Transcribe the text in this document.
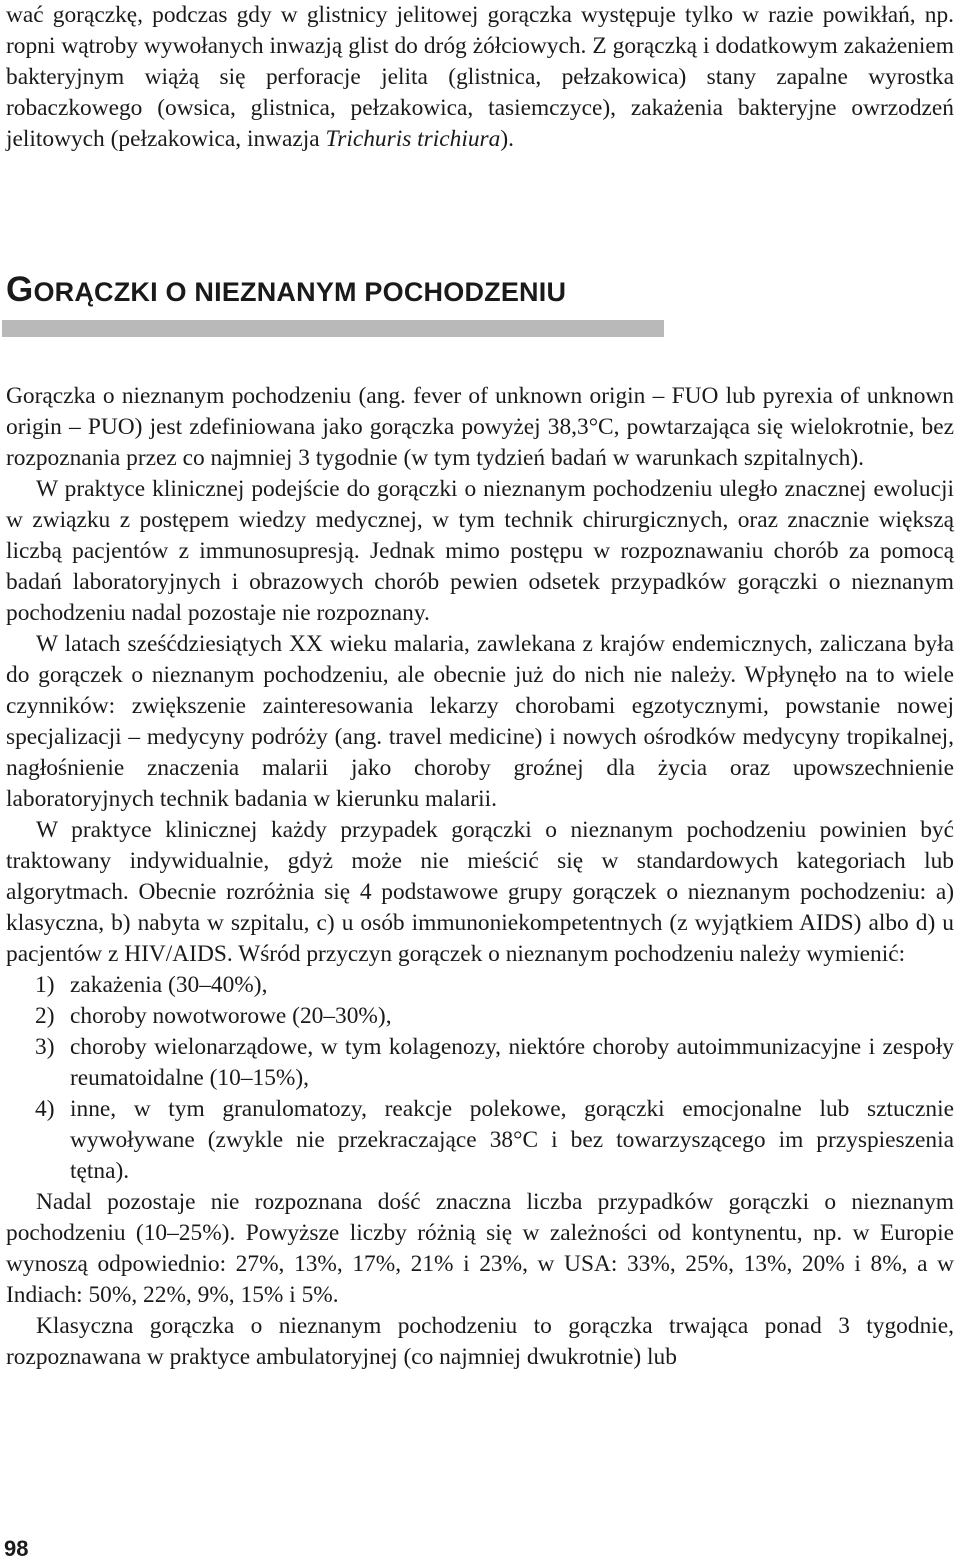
wać gorączkę, podczas gdy w glistnicy jelitowej gorączka występuje tylko w razie powikłań, np. ropni wątroby wywołanych inwazją glist do dróg żółciowych. Z gorączką i dodatkowym zakażeniem bakteryjnym wiążą się perforacje jelita (glistnica, pełzakowica) stany zapalne wyrostka robaczkowego (owsica, glistnica, pełzakowica, tasiemczyce), zakażenia bakteryjne owrzodzeń jelitowych (pełzakowica, inwazja Trichuris trichiura).

GORĄCZKI O NIEZNANYM POCHODZENIU

Gorączka o nieznanym pochodzeniu (ang. fever of unknown origin – FUO lub pyrexia of unknown origin – PUO) jest zdefiniowana jako gorączka powyżej 38,3°C, powtarzająca się wielokrotnie, bez rozpoznania przez co najmniej 3 tygodnie (w tym tydzień badań w warunkach szpitalnych).

W praktyce klinicznej podejście do gorączki o nieznanym pochodzeniu uległo znacznej ewolucji w związku z postępem wiedzy medycznej, w tym technik chirurgicznych, oraz znacznie większą liczbą pacjentów z immunosupresją. Jednak mimo postępu w rozpoznawaniu chorób za pomocą badań laboratoryjnych i obrazowych chorób pewien odsetek przypadków gorączki o nieznanym pochodzeniu nadal pozostaje nie rozpoznany.

W latach sześćdziesiątych XX wieku malaria, zawlekana z krajów endemicznych, zaliczana była do gorączek o nieznanym pochodzeniu, ale obecnie już do nich nie należy. Wpłynęło na to wiele czynników: zwiększenie zainteresowania lekarzy chorobami egzotycznymi, powstanie nowej specjalizacji – medycyny podróży (ang. travel medicine) i nowych ośrodków medycyny tropikalnej, nagłośnienie znaczenia malarii jako choroby groźnej dla życia oraz upowszechnienie laboratoryjnych technik badania w kierunku malarii.

W praktyce klinicznej każdy przypadek gorączki o nieznanym pochodzeniu powinien być traktowany indywidualnie, gdyż może nie mieścić się w standardowych kategoriach lub algorytmach. Obecnie rozróżnia się 4 podstawowe grupy gorączek o nieznanym pochodzeniu: a) klasyczna, b) nabyta w szpitalu, c) u osób immunoniekompetentnych (z wyjątkiem AIDS) albo d) u pacjentów z HIV/AIDS. Wśród przyczyn gorączek o nieznanym pochodzeniu należy wymienić:

1) zakażenia (30–40%),
2) choroby nowotworowe (20–30%),
3) choroby wielonarządowe, w tym kolagenozy, niektóre choroby autoimmunizacyjne i zespoły reumatoidalne (10–15%),
4) inne, w tym granulomatozy, reakcje polekowe, gorączki emocjonalne lub sztucznie wywoływane (zwykle nie przekraczające 38°C i bez towarzyszącego im przyspieszenia tętna).

Nadal pozostaje nie rozpoznana dość znaczna liczba przypadków gorączki o nieznanym pochodzeniu (10–25%). Powyższe liczby różnią się w zależności od kontynentu, np. w Europie wynoszą odpowiednio: 27%, 13%, 17%, 21% i 23%, w USA: 33%, 25%, 13%, 20% i 8%, a w Indiach: 50%, 22%, 9%, 15% i 5%.

Klasyczna gorączka o nieznanym pochodzeniu to gorączka trwająca ponad 3 tygodnie, rozpoznawana w praktyce ambulatoryjnej (co najmniej dwukrotnie) lub

98
